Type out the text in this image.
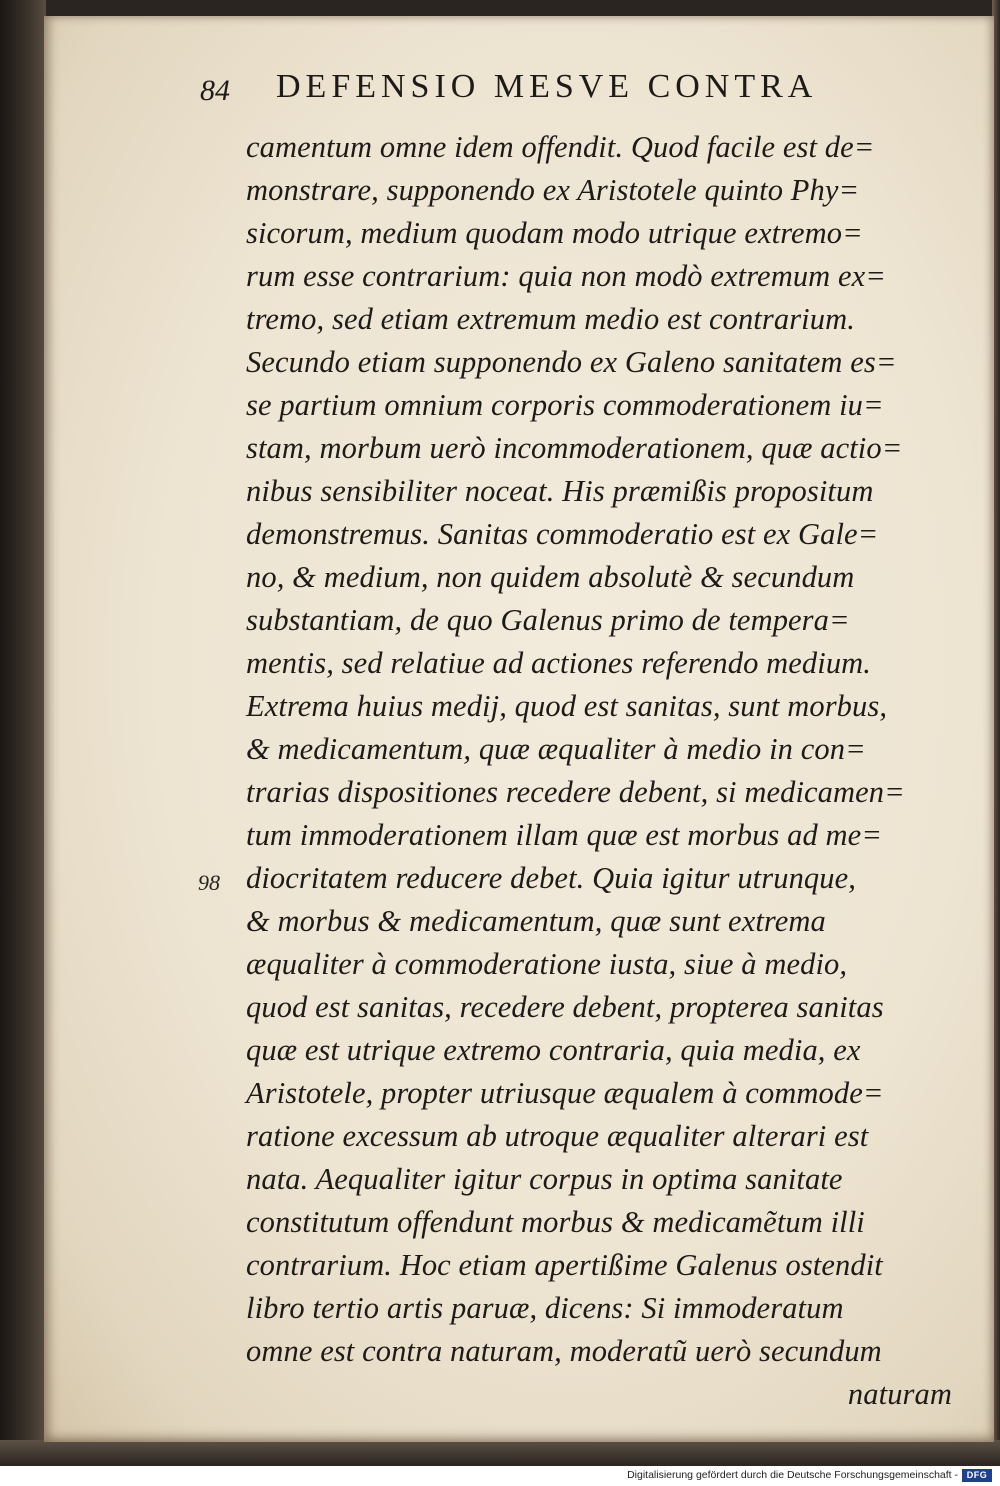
84 DEFENSIO MESVE CONTRA
98
camentum omne idem offendit. Quod facile est de=
monstrare, supponendo ex Aristotele quinto Phy=
sicorum, medium quodam modo utrique extremo=
rum esse contrarium: quia non modò extremum ex=
tremo, sed etiam extremum medio est contrarium.
Secundo etiam supponendo ex Galeno sanitatem es=
se partium omnium corporis commoderationem iu=
stam, morbum uerò incommoderationem, quæ actio=
nibus sensibiliter noceat. His præmißis propositum
demonstremus. Sanitas commoderatio est ex Gale=
no, & medium, non quidem absolutè & secundum
substantiam, de quo Galenus primo de tempera=
mentis, sed relatiue ad actiones referendo medium.
Extrema huius medij, quod est sanitas, sunt morbus,
& medicamentum, quæ æqualiter à medio in con=
trarias dispositiones recedere debent, si medicamen=
tum immoderationem illam quæ est morbus ad me=
diocritatem reducere debet. Quia igitur utrunque,
& morbus & medicamentum, quæ sunt extrema
æqualiter à commoderatione iusta, siue à medio,
quod est sanitas, recedere debent, propterea sanitas
quæ est utrique extremo contraria, quia media, ex
Aristotele, propter utriusque æqualem à commode=
ratione excessum ab utroque æqualiter alterari est
nata. Aequaliter igitur corpus in optima sanitate
constitutum offendunt morbus & medicamẽtum illi
contrarium. Hoc etiam apertißime Galenus ostendit
libro tertio artis paruæ, dicens: Si immoderatum
omne est contra naturam, moderatũ uerò secundum
naturam
Digitalisierung gefördert durch die Deutsche Forschungsgemeinschaft - DFG
